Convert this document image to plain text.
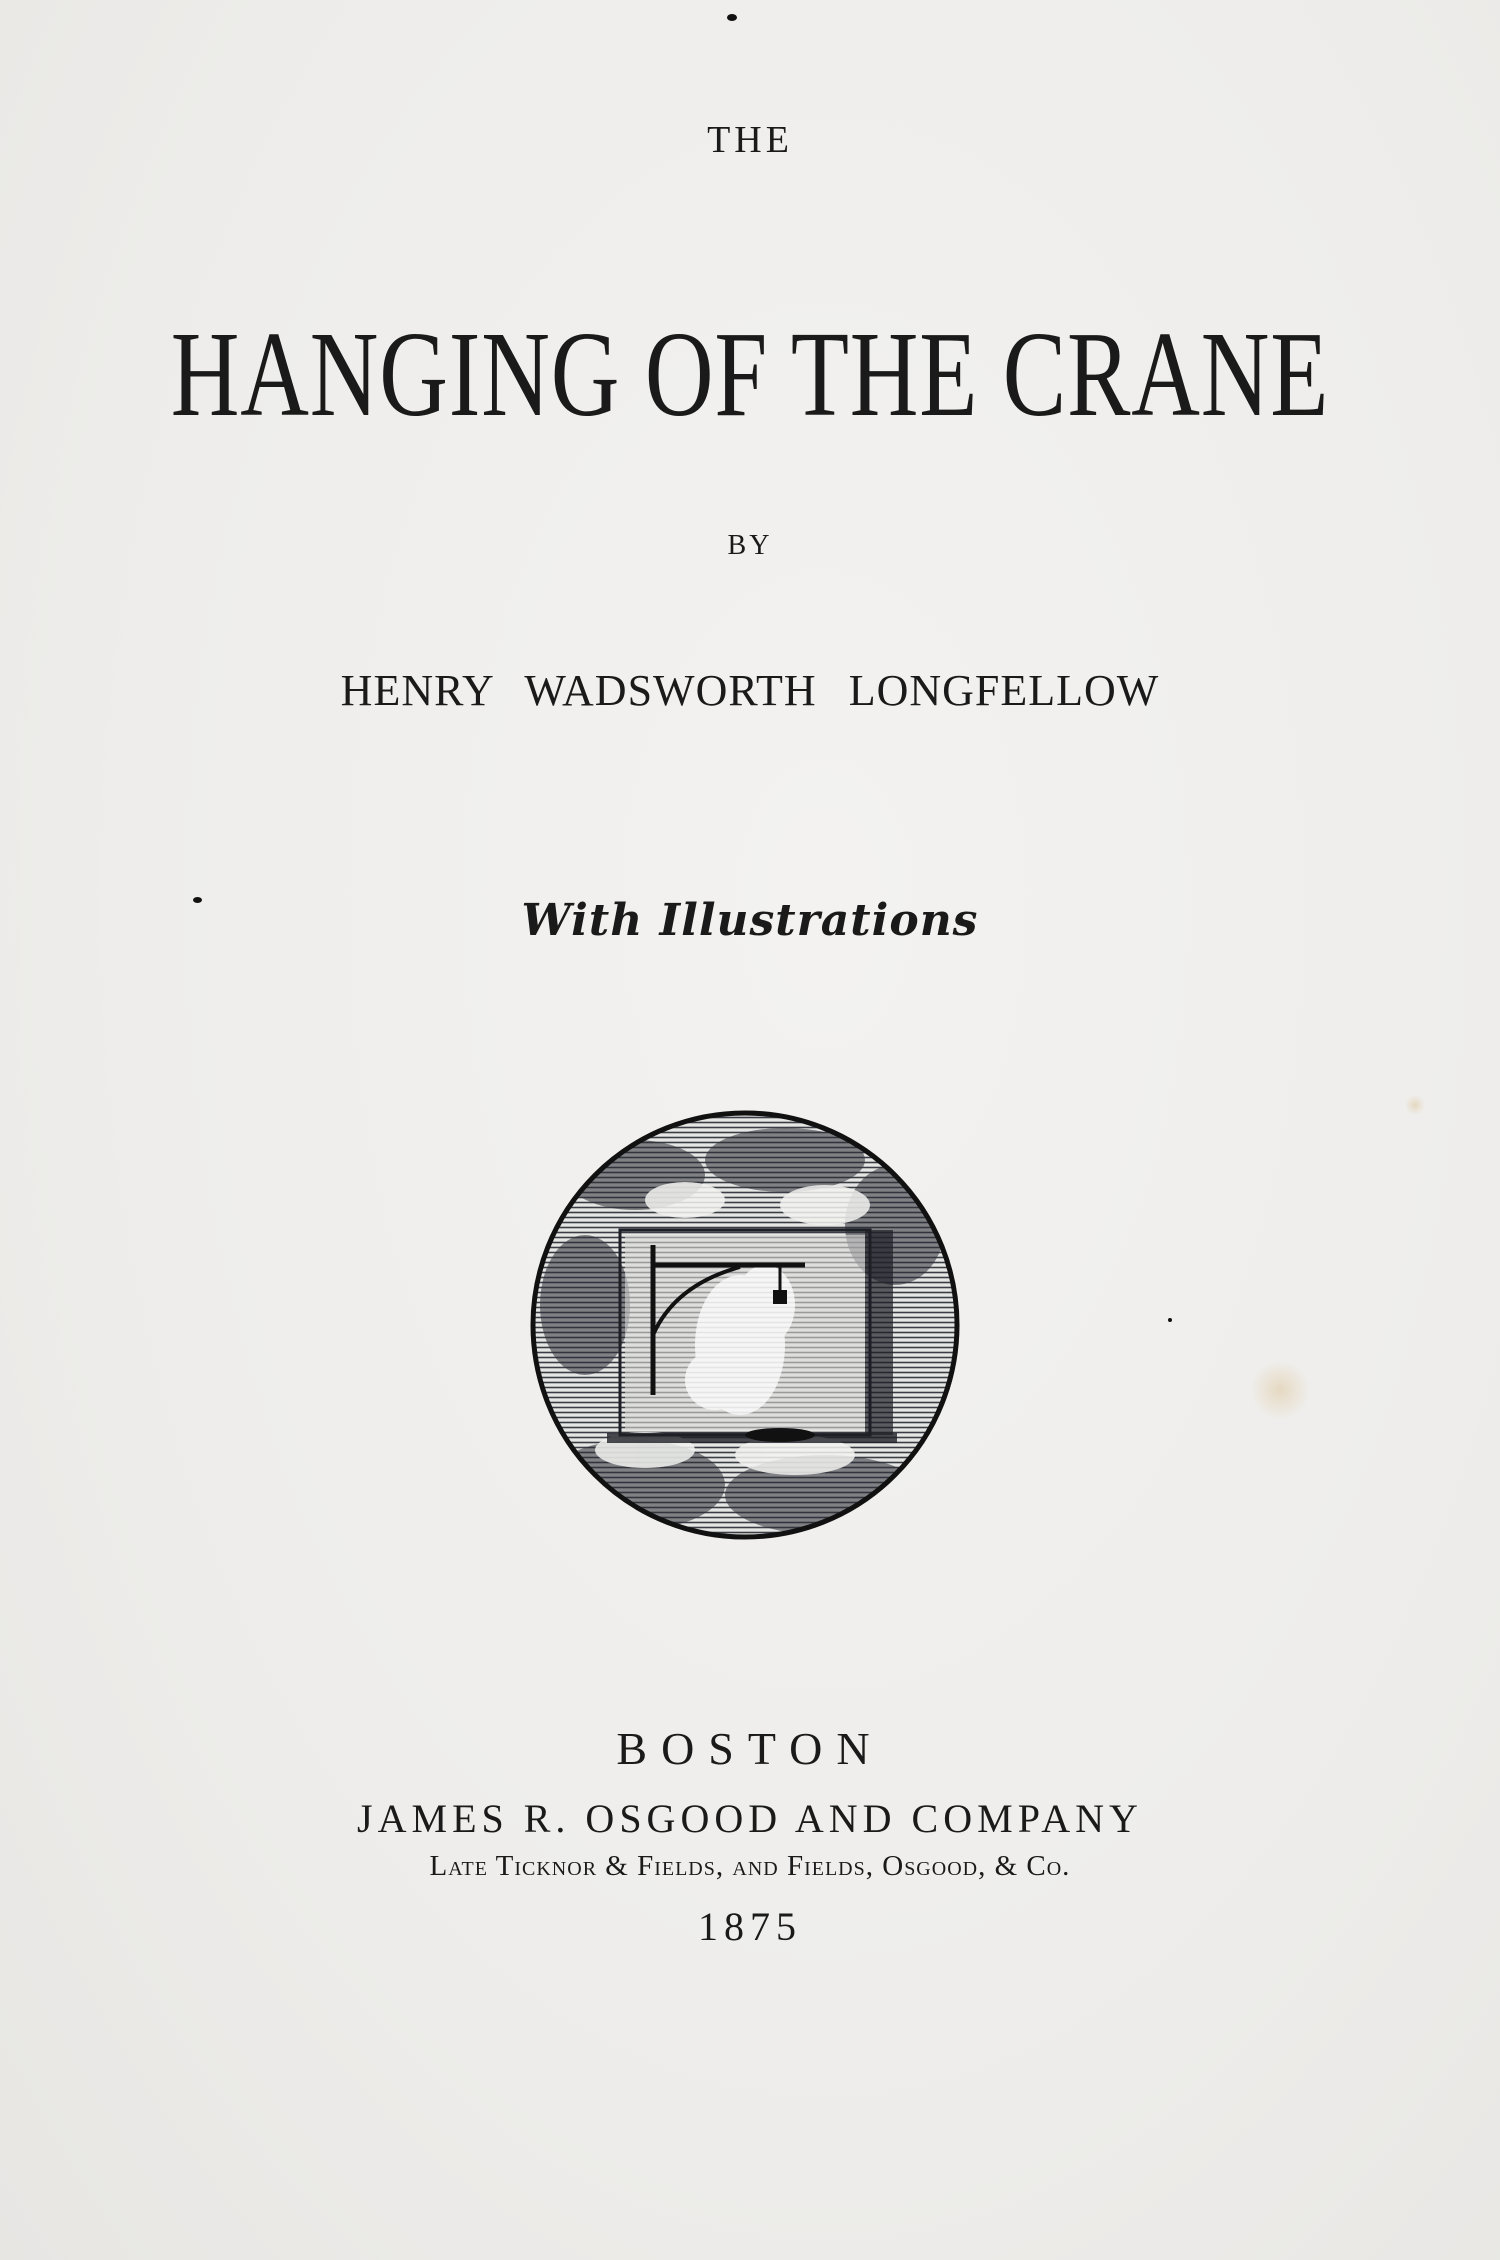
THE
HANGING OF THE CRANE
BY
HENRY WADSWORTH LONGFELLOW
With Illustrations
BOSTON
JAMES R. OSGOOD AND COMPANY
Late Ticknor & Fields, and Fields, Osgood, & Co.
1875
